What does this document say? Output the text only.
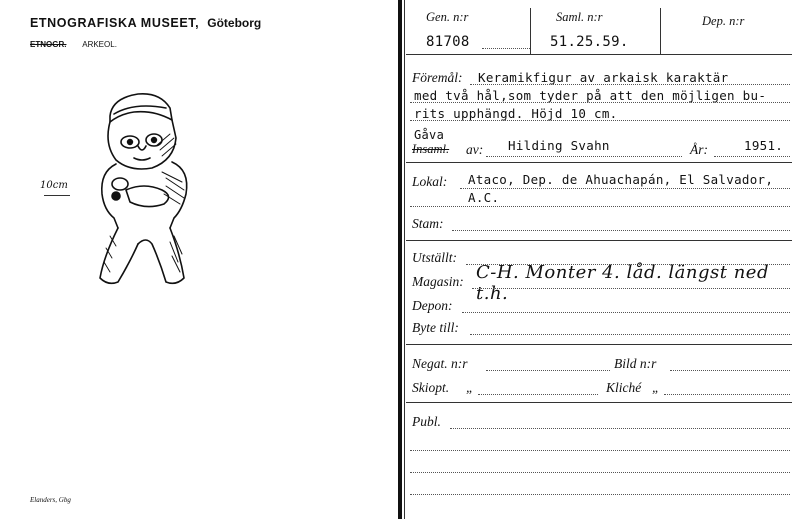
ETNOGRAFISKA MUSEET, Göteborg
ETNOGR. ARKEOL.
10cm
Elanders, Gbg
Gen. n:r
81708
Saml. n:r
51.25.59.
Dep. n:r
Föremål: Keramikfigur av arkaisk karaktär
med två hål,som tyder på att den möjligen bu-
rits upphängd. Höjd 10 cm.
Gåva
Insaml. av: Hilding Svahn	År:	1951.
Lokal: Ataco, Dep. de Ahuachapán, El Salvador,
A.C.
Stam:
Utställt:
Magasin: C-H. Monter 4. låd. längst ned t.h.
Depon:
Byte till:
Negat. n:r	Bild n:r
Skiopt. „	Kliché „
Publ.
